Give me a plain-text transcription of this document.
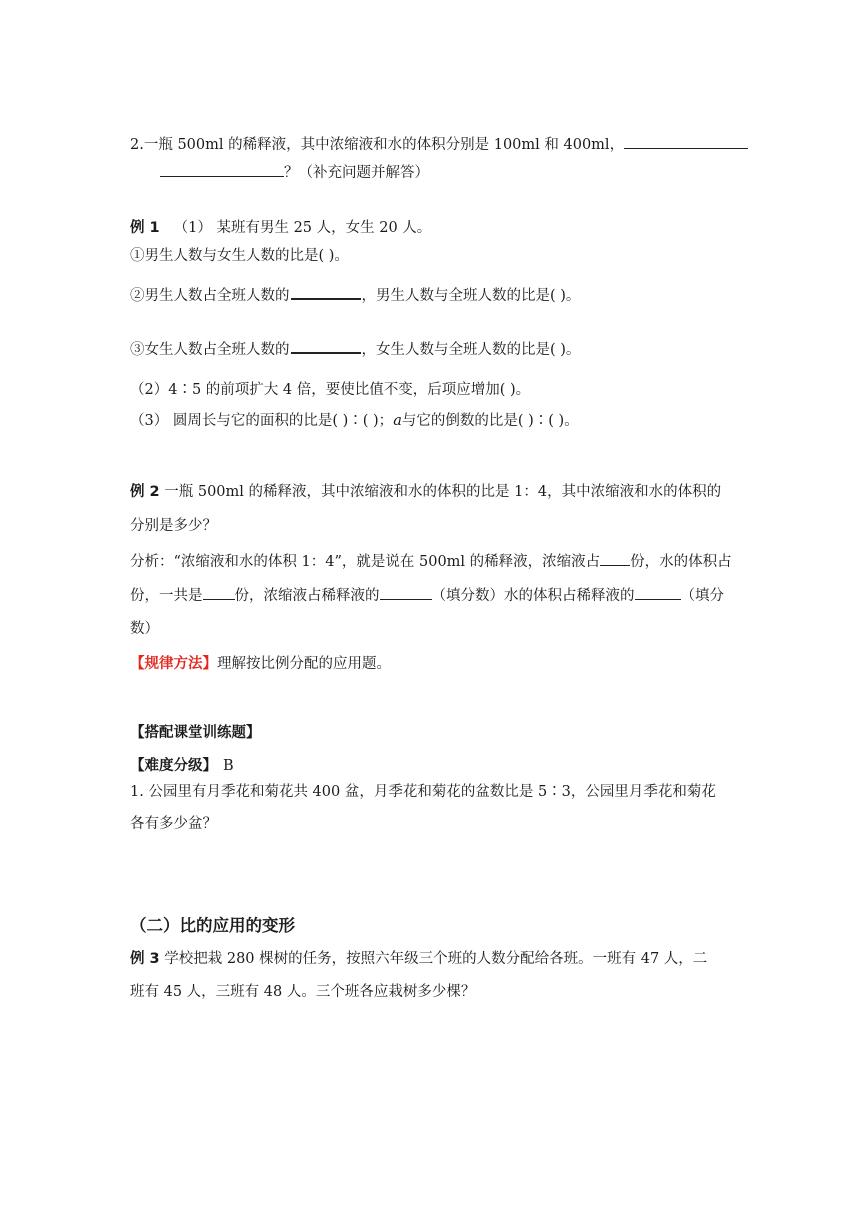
2.一瓶 500ml 的稀释液，其中浓缩液和水的体积分别是 100ml 和 400ml，
？（补充问题并解答）
例 1 （1） 某班有男生 25 人，女生 20 人。
①男生人数与女生人数的比是( )。
②男生人数占全班人数的	，男生人数与全班人数的比是( )。
③女生人数占全班人数的	，女生人数与全班人数的比是( )。
（2）4∶5 的前项扩大 4 倍，要使比值不变，后项应增加( )。
（3） 圆周长与它的面积的比是( )∶( )；a与它的倒数的比是( )∶( )。
例 2 一瓶 500ml 的稀释液，其中浓缩液和水的体积的比是 1：4，其中浓缩液和水的体积的
分别是多少？
分析：“浓缩液和水的体积 1：4”，就是说在 500ml 的稀释液，浓缩液占 份，水的体积占
份，一共是 份，浓缩液占稀释液的	（填分数）水的体积占稀释液的	（填分
数）
【规律方法】理解按比例分配的应用题。
【搭配课堂训练题】
【难度分级】 B
1. 公园里有月季花和菊花共 400 盆，月季花和菊花的盆数比是 5∶3，公园里月季花和菊花
各有多少盆？
（二）比的应用的变形
例 3 学校把栽 280 棵树的任务，按照六年级三个班的人数分配给各班。一班有 47 人，二
班有 45 人，三班有 48 人。三个班各应栽树多少棵？
